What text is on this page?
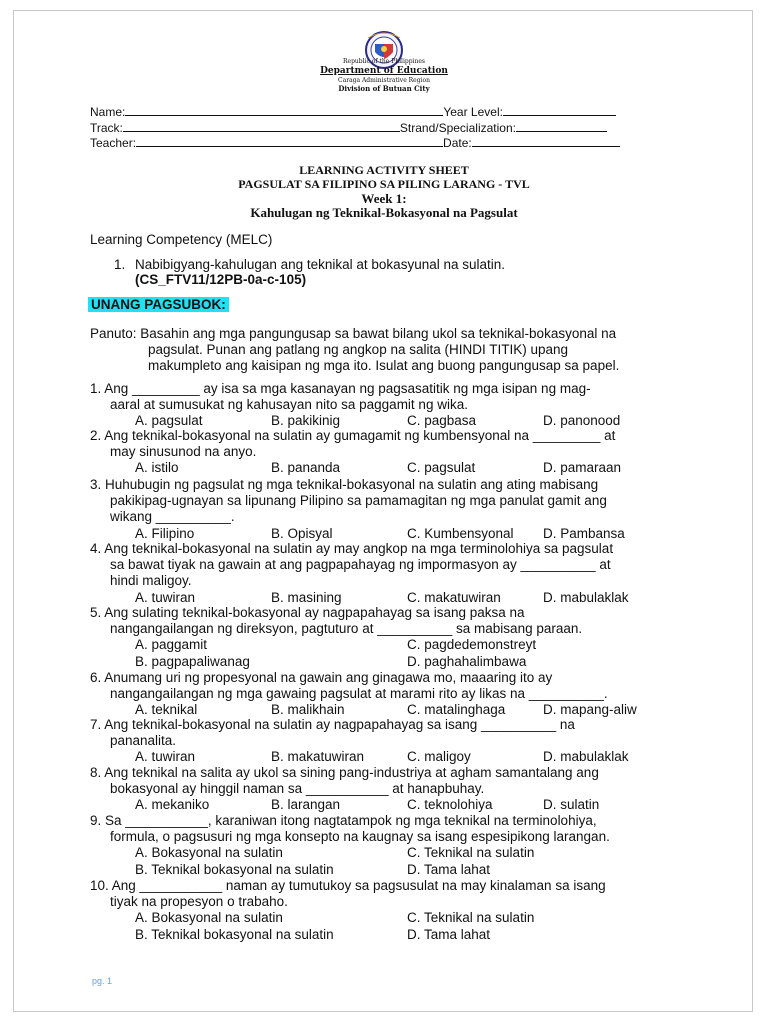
Republic of the Philippines
Department of Education
Caraga Administrative Region
Division of Butuan City
Name:	Year Level:
Track:	Strand/Specialization:
Teacher:	Date:
LEARNING ACTIVITY SHEET
PAGSULAT SA FILIPINO SA PILING LARANG - TVL
Week 1:
Kahulugan ng Teknikal-Bokasyonal na Pagsulat
Learning Competency (MELC)
1. Nabibigyang-kahulugan ang teknikal at bokasyunal na sulatin.
(CS_FTV11/12PB-0a-c-105)
UNANG PAGSUBOK:
Panuto: Basahin ang mga pangungusap sa bawat bilang ukol sa teknikal-bokasyonal na
pagsulat. Punan ang patlang ng angkop na salita (HINDI TITIK) upang
makumpleto ang kaisipan ng mga ito. Isulat ang buong pangungusap sa papel.
1. Ang _________ ay isa sa mga kasanayan ng pagsasatitik ng mga isipan ng mag-
aaral at sumusukat ng kahusayan nito sa paggamit ng wika.
A. pagsulat	B. pakikinig	C. pagbasa	D. panonood
2. Ang teknikal-bokasyonal na sulatin ay gumagamit ng kumbensyonal na _________ at
may sinusunod na anyo.
A. istilo	B. pananda	C. pagsulat	D. pamaraan
3. Huhubugin ng pagsulat ng mga teknikal-bokasyonal na sulatin ang ating mabisang
pakikipag-ugnayan sa lipunang Pilipino sa pamamagitan ng mga panulat gamit ang
wikang __________.
A. Filipino	B. Opisyal	C. Kumbensyonal D. Pambansa
4. Ang teknikal-bokasyonal na sulatin ay may angkop na mga terminolohiya sa pagsulat
sa bawat tiyak na gawain at ang pagpapahayag ng impormasyon ay __________ at
hindi maligoy.
A. tuwiran	B. masining	C. makatuwiran	D. mabulaklak
5. Ang sulating teknikal-bokasyonal ay nagpapahayag sa isang paksa na
nangangailangan ng direksyon, pagtuturo at __________ sa mabisang paraan.
A. paggamit	C. pagdedemonstreyt
B. pagpapaliwanag	D. paghahalimbawa
6. Anumang uri ng propesyonal na gawain ang ginagawa mo, maaaring ito ay
nangangailangan ng mga gawaing pagsulat at marami rito ay likas na __________.
A. teknikal	B. malikhain	C. matalinghaga	D. mapang-aliw
7. Ang teknikal-bokasyonal na sulatin ay nagpapahayag sa isang __________ na
pananalita.
A. tuwiran	B. makatuwiran	C. maligoy	D. mabulaklak
8. Ang teknikal na salita ay ukol sa sining pang-industriya at agham samantalang ang
bokasyonal ay hinggil naman sa ___________ at hanapbuhay.
A. mekaniko	B. larangan	C. teknolohiya	D. sulatin
9. Sa ___________, karaniwan itong nagtatampok ng mga teknikal na terminolohiya,
formula, o pagsusuri ng mga konsepto na kaugnay sa isang espesipikong larangan.
A. Bokasyonal na sulatin	C. Teknikal na sulatin
B. Teknikal bokasyonal na sulatin	D. Tama lahat
10. Ang ___________ naman ay tumutukoy sa pagsusulat na may kinalaman sa isang
tiyak na propesyon o trabaho.
A. Bokasyonal na sulatin	C. Teknikal na sulatin
B. Teknikal bokasyonal na sulatin	D. Tama lahat
pg. 1
